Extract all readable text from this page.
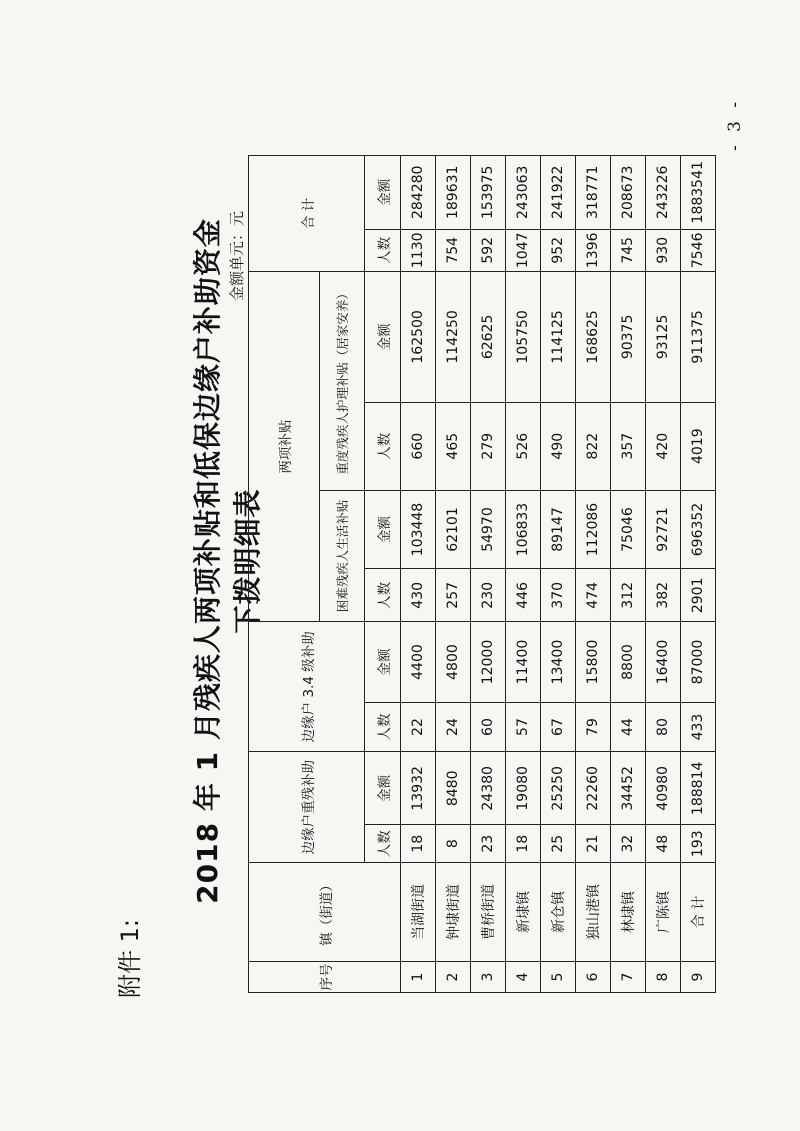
- 3 -
附件 1:
2018 年 1 月残疾人两项补贴和低保边缘户补助资金下拨明细表
金额单元：元
序号	镇（街道）	边缘户重残补助		边缘户 3.4 级补助		两项补贴				合 计	
						困难残疾人生活补贴		重度残疾人护理补贴（居家安养）			
		人数	金额	人数	金额	人数	金额	人数	金额	人数	金额
1	当湖街道	18	13932	22	4400	430	103448	660	162500	1130	284280
2	钟埭街道	8	8480	24	4800	257	62101	465	114250	754	189631
3	曹桥街道	23	24380	60	12000	230	54970	279	62625	592	153975
4	新埭镇	18	19080	57	11400	446	106833	526	105750	1047	243063
5	新仓镇	25	25250	67	13400	370	89147	490	114125	952	241922
6	独山港镇	21	22260	79	15800	474	112086	822	168625	1396	318771
7	林埭镇	32	34452	44	8800	312	75046	357	90375	745	208673
8	广陈镇	48	40980	80	16400	382	92721	420	93125	930	243226
9	合 计	193	188814	433	87000	2901	696352	4019	911375	7546	1883541
